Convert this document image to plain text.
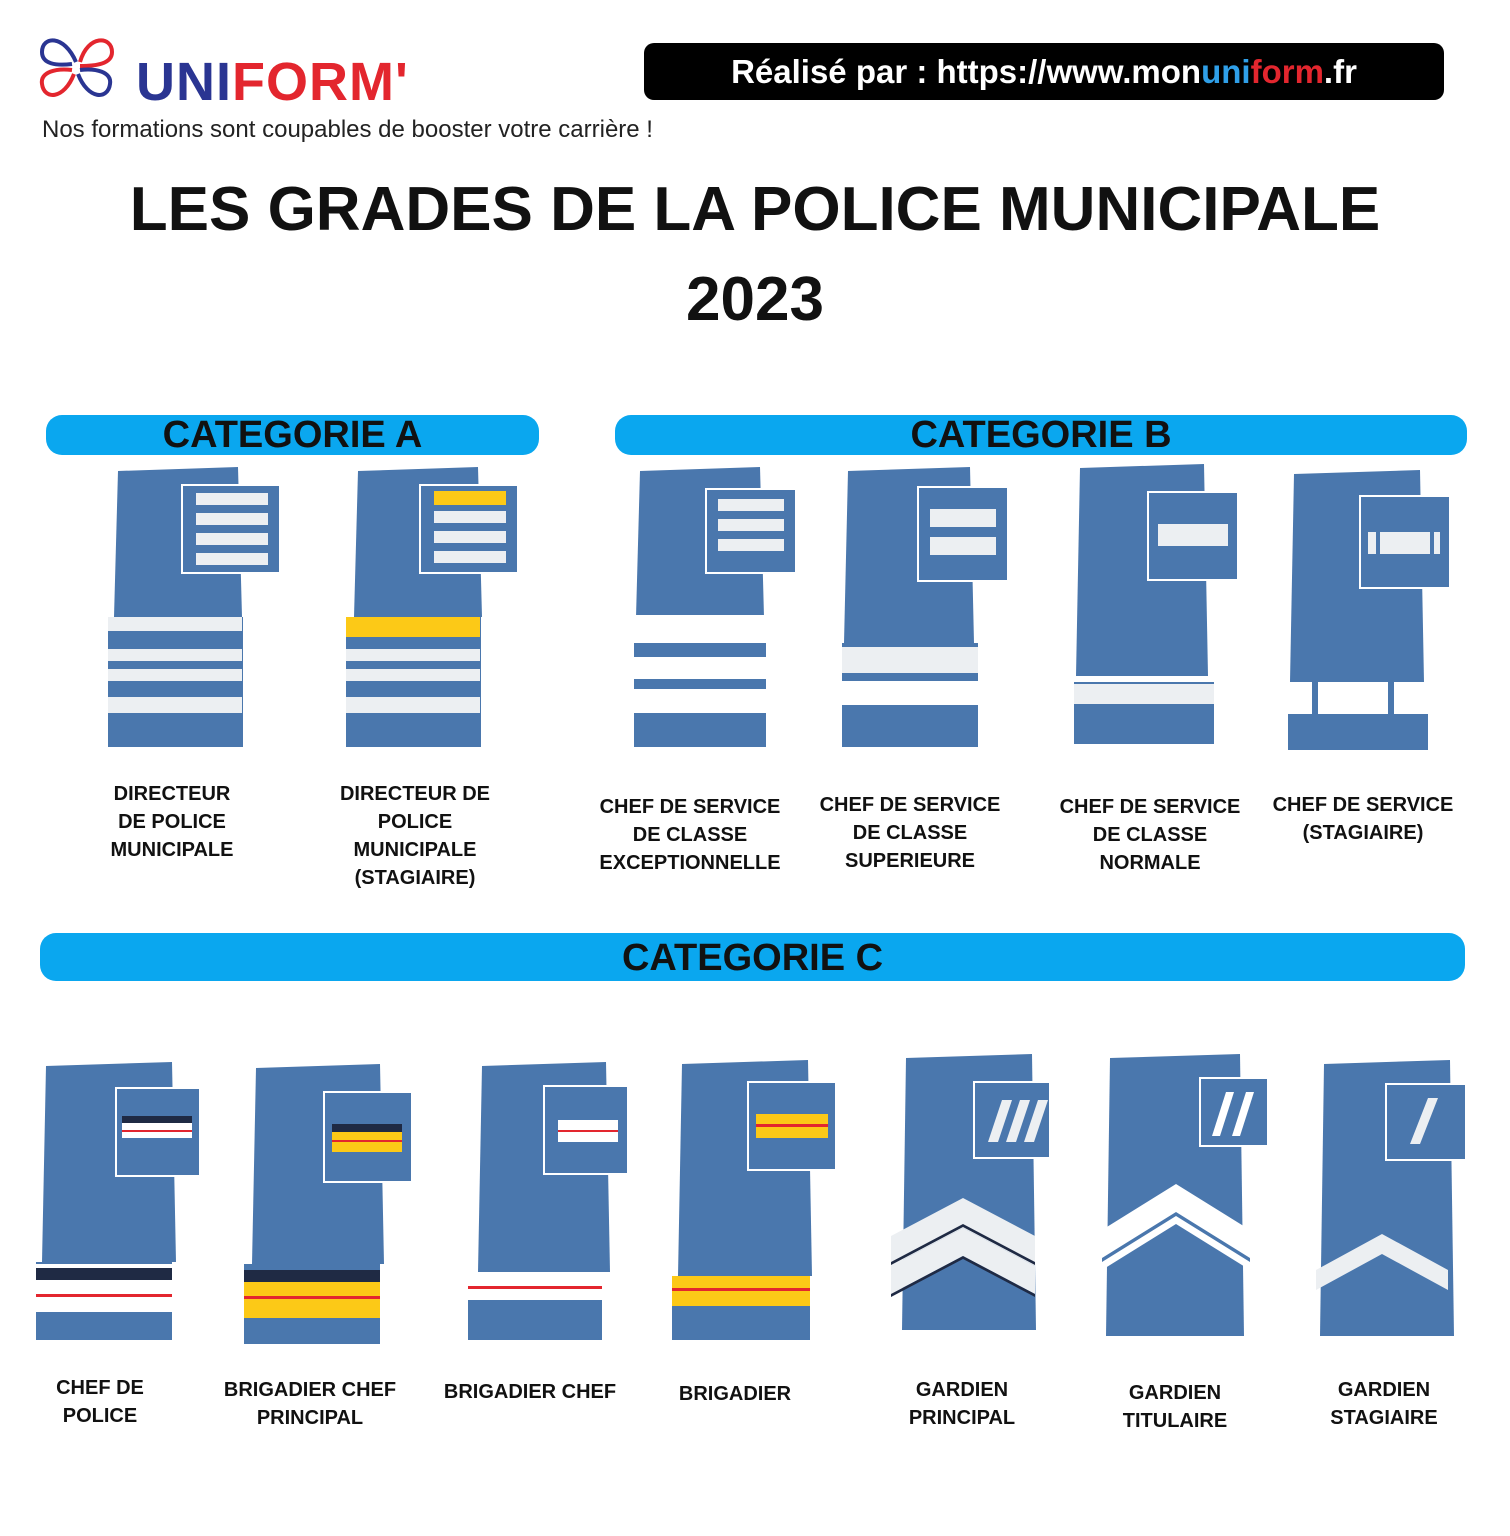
UNIFORM'
Nos formations sont coupables de booster votre carrière !
Réalisé par : https://www.monuniform.fr
LES GRADES DE LA POLICE MUNICIPALE
2023
CATEGORIE A	CATEGORIE B
CATEGORIE C
DIRECTEUR
DE POLICE
MUNICIPALE
DIRECTEUR DE
POLICE
MUNICIPALE
(STAGIAIRE)
CHEF DE SERVICE
DE CLASSE
EXCEPTIONNELLE
CHEF DE SERVICE
DE CLASSE
SUPERIEURE
CHEF DE SERVICE
DE CLASSE
NORMALE
CHEF DE SERVICE
(STAGIAIRE)
CHEF DE
POLICE
BRIGADIER CHEF
PRINCIPAL
BRIGADIER CHEF	BRIGADIER	GARDIEN
PRINCIPAL
GARDIEN
TITULAIRE
GARDIEN
STAGIAIRE
